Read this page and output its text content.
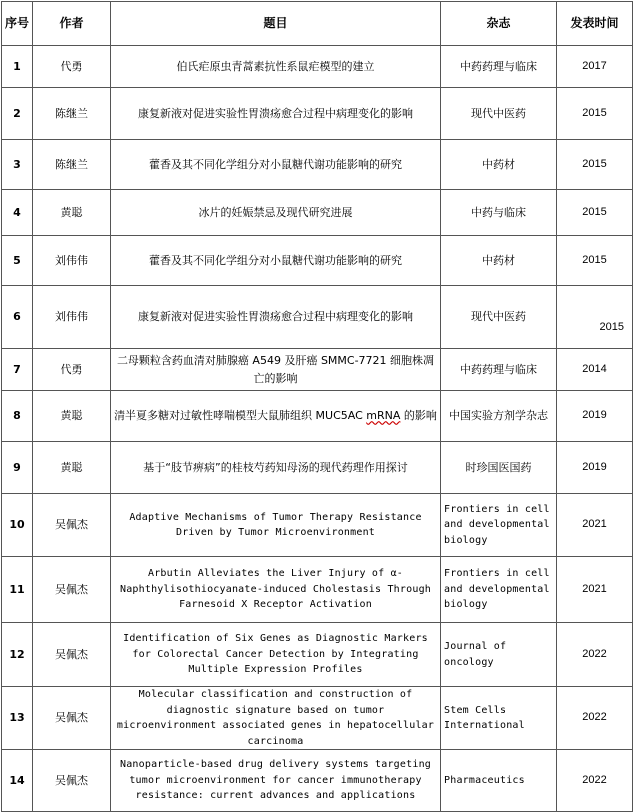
序号	作者	题目	杂志	发表时间
1	代勇	伯氏疟原虫青蒿素抗性系鼠疟模型的建立	中药药理与临床	2017
2	陈继兰	康复新液对促进实验性胃溃疡愈合过程中病理变化的影响	现代中医药	2015
3	陈继兰	藿香及其不同化学组分对小鼠糖代谢功能影响的研究	中药材	2015
4	黄聪	冰片的妊娠禁忌及现代研究进展	中药与临床	2015
5	刘伟伟	藿香及其不同化学组分对小鼠糖代谢功能影响的研究	中药材	2015
6	刘伟伟	康复新液对促进实验性胃溃疡愈合过程中病理变化的影响	现代中医药	2015
7	代勇	二母颗粒含药血清对肺腺癌 A549 及肝癌 SMMC-7721 细胞株凋亡的影响	中药药理与临床	2014
8	黄聪	清半夏多糖对过敏性哮喘模型大鼠肺组织 MUC5AC mRNA 的影响	中国实验方剂学杂志	2019
9	黄聪	基于“肢节痹病”的桂枝芍药知母汤的现代药理作用探讨	时珍国医国药	2019
10	吴佩杰	Adaptive Mechanisms of Tumor Therapy Resistance Driven by Tumor Microenvironment	Frontiers in cell and developmental biology	2021
11	吴佩杰	Arbutin Alleviates the Liver Injury of α-Naphthylisothiocyanate-induced Cholestasis Through Farnesoid X Receptor Activation	Frontiers in cell and developmental biology	2021
12	吴佩杰	Identification of Six Genes as Diagnostic Markers for Colorectal Cancer Detection by Integrating Multiple Expression Profiles	Journal of oncology	2022
13	吴佩杰	Molecular classification and construction of diagnostic signature based on tumor microenvironment associated genes in hepatocellular carcinoma	Stem Cells International	2022
14	吴佩杰	Nanoparticle-based drug delivery systems targeting tumor microenvironment for cancer immunotherapy resistance: current advances and applications	Pharmaceutics	2022
